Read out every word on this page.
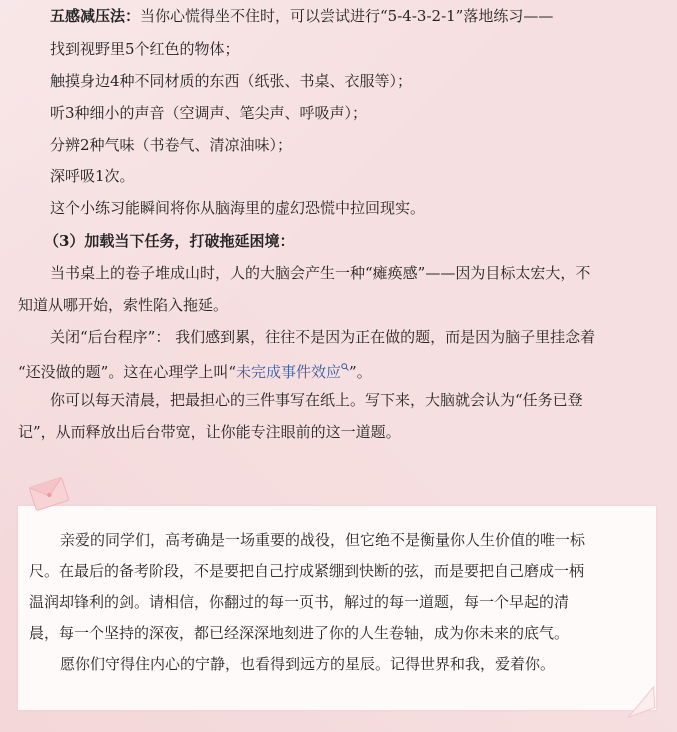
五感减压法：当你心慌得坐不住时，可以尝试进行“5-4-3-2-1”落地练习——
找到视野里5个红色的物体；
触摸身边4种不同材质的东西（纸张、书桌、衣服等）；
听3种细小的声音（空调声、笔尖声、呼吸声）；
分辨2种气味（书卷气、清凉油味）；
深呼吸1次。
这个小练习能瞬间将你从脑海里的虚幻恐慌中拉回现实。
（3）加载当下任务，打破拖延困境：
当书桌上的卷子堆成山时，人的大脑会产生一种“瘫痪感”——因为目标太宏大，不
知道从哪开始，索性陷入拖延。
关闭“后台程序”： 我们感到累，往往不是因为正在做的题，而是因为脑子里挂念着
“还没做的题”。这在心理学上叫“未完成事件效应 ”。
你可以每天清晨，把最担心的三件事写在纸上。写下来，大脑就会认为“任务已登
记”，从而释放出后台带宽，让你能专注眼前的这一道题。
亲爱的同学们，高考确是一场重要的战役，但它绝不是衡量你人生价值的唯一标
尺。在最后的备考阶段，不是要把自己拧成紧绷到快断的弦，而是要把自己磨成一柄
温润却锋利的剑。请相信，你翻过的每一页书，解过的每一道题，每一个早起的清
晨，每一个坚持的深夜，都已经深深地刻进了你的人生卷轴，成为你未来的底气。
愿你们守得住内心的宁静，也看得到远方的星辰。记得世界和我，爱着你。
